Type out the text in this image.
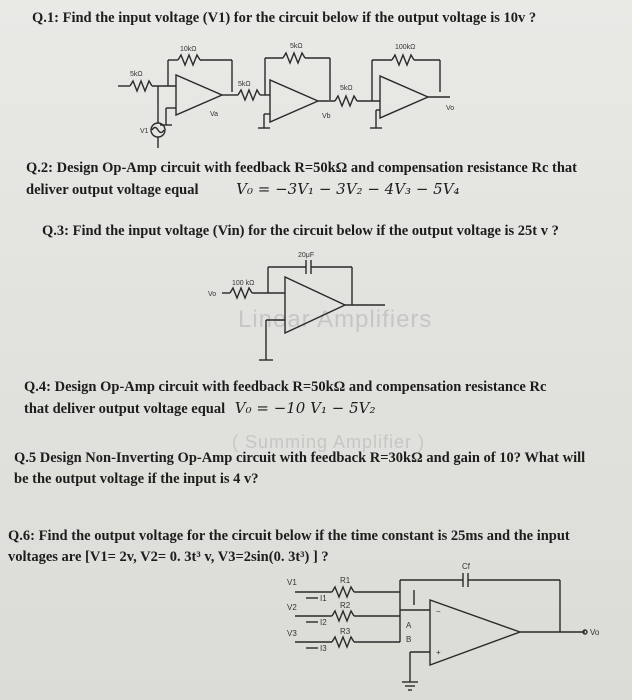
Linear Amplifiers
( Summing Amplifier )
Q.1: Find the input voltage (V1) for the circuit below if the output voltage is 10v ?
10kΩ
5kΩ
5kΩ
5kΩ
5kΩ
100kΩ
Va	Vb
Vo
V1
Q.2: Design Op-Amp circuit with feedback R=50kΩ and compensation resistance Rc that
deliver output voltage equal	V₀ = −3V₁ − 3V₂ − 4V₃ − 5V₄
Q.3: Find the input voltage (Vin) for the circuit below if the output voltage is 25t v ?
20μF
100 kΩ
Vo
Q.4: Design Op-Amp circuit with feedback R=50kΩ and compensation resistance Rc
that deliver output voltage equal V₀ = −10 V₁ − 5V₂
Q.5 Design Non-Inverting Op-Amp circuit with feedback R=30kΩ and gain of 10? What will
be the output voltage if the input is 4 v?
Q.6: Find the output voltage for the circuit below if the time constant is 25ms and the input
voltages are [V1= 2v, V2= 0. 3t³ v, V3=2sin(0. 3t³) ] ?
V1
V2
V3
I1
I2
I3
R1
R2
R3
Cf
A
B
−
+
Vo
